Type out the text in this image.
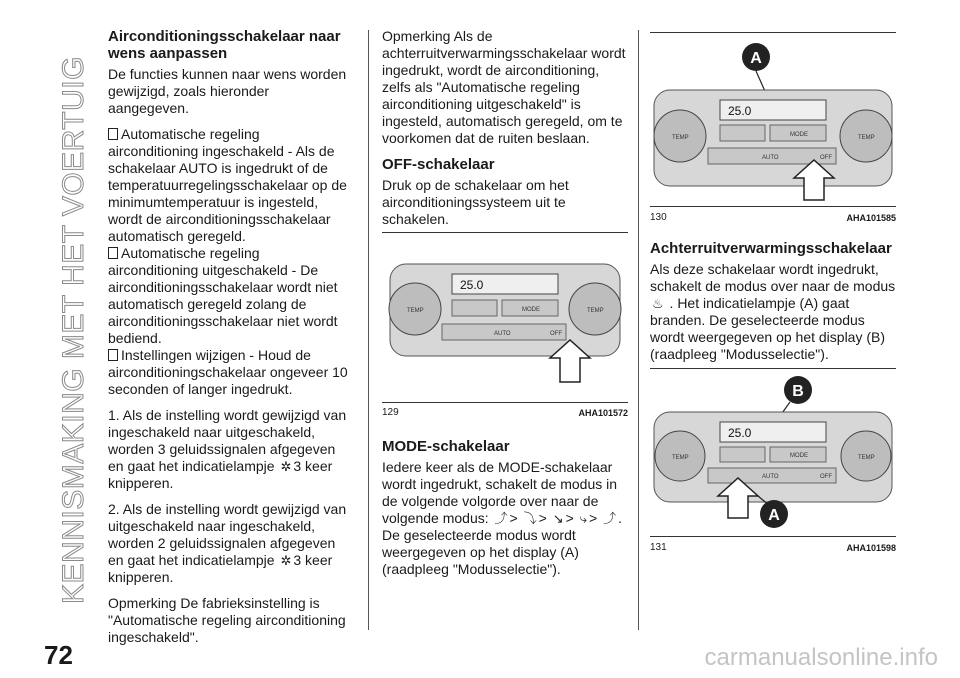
KENNISMAKING MET HET VOERTUIG
Airconditioningsschakelaar naar wens aanpassen

De functies kunnen naar wens worden gewijzigd, zoals hieronder aangegeven.

Automatische regeling airconditioning ingeschakeld - Als de schakelaar AUTO is ingedrukt of de temperatuurregelingsschakelaar op de minimumtemperatuur is ingesteld, wordt de airconditioningsschakelaar automatisch geregeld.

Automatische regeling airconditioning uitgeschakeld - De airconditioningsschakelaar wordt niet automatisch geregeld zolang de airconditioningsschakelaar niet wordt bediend.

Instellingen wijzigen - Houd de airconditioningschakelaar ongeveer 10 seconden of langer ingedrukt.

1. Als de instelling wordt gewijzigd van ingeschakeld naar uitgeschakeld, worden 3 geluidssignalen afgegeven en gaat het indicatielampje ✲ 3 keer knipperen.

2. Als de instelling wordt gewijzigd van uitgeschakeld naar ingeschakeld, worden 2 geluidssignalen afgegeven en gaat het indicatielampje ✲ 3 keer knipperen.

Opmerking De fabrieksinstelling is "Automatische regeling airconditioning ingeschakeld".

Opmerking Als de achterruitverwarmingsschakelaar wordt ingedrukt, wordt de airconditioning, zelfs als "Automatische regeling airconditioning uitgeschakeld" is ingesteld, automatisch geregeld, om te voorkomen dat de ruiten beslaan.

OFF-schakelaar

Druk op de schakelaar om het airconditioningssysteem uit te schakelen.

25.0
TEMP	TEMP
MODE
AUTO	OFF
129	AHA101572
MODE-schakelaar

Iedere keer als de MODE-schakelaar wordt ingedrukt, schakelt de modus in de volgende volgorde over naar de volgende modus: ⤴ > ⤵ > ↘ > ⤷ > ⤴ . De geselecteerde modus wordt weergegeven op het display (A) (raadpleeg "Modusselectie").

A
25.0
TEMP	TEMP
MODE
AUTO	OFF
130	AHA101585
Achterruitverwarmingsschakelaar

Als deze schakelaar wordt ingedrukt, schakelt de modus over naar de modus ♨ . Het indicatielampje (A) gaat branden. De geselecteerde modus wordt weergegeven op het display (B) (raadpleeg "Modusselectie").

B
25.0
TEMP	TEMP
MODE
AUTO	OFF
A
131	AHA101598
72	carmanualsonline.info
